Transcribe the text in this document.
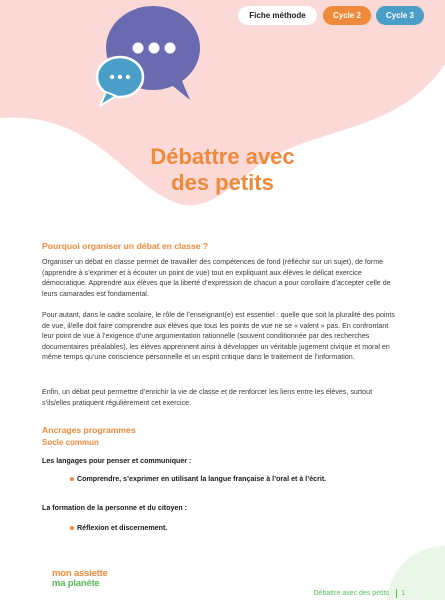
Fiche méthode	Cycle 2	Cycle 3
Débattre avec
des petits
Pourquoi organiser un débat en classe ?

Organiser un débat en classe permet de travailler des compétences de fond (réfléchir sur un sujet), de forme (apprendre à s’exprimer et à écouter un point de vue) tout en expliquant aux élèves le délicat exercice démocratique. Apprendre aux élèves que la liberté d’expression de chacun a pour corollaire d’accepter celle de leurs camarades est fondamental.

Pour autant, dans le cadre scolaire, le rôle de l’enseignant(e) est essentiel : quelle que soit la pluralité des points de vue, il/elle doit faire comprendre aux élèves que tous les points de vue ne se « valent » pas. En confrontant leur point de vue à l’exigence d’une argumentation rationnelle (souvent conditionnée par des recherches documentaires préalables), les élèves apprennent ainsi à développer un véritable jugement civique et moral en même temps qu’une conscience personnelle et un esprit critique dans le traitement de l’information.

Enfin, un débat peut permettre d’enrichir la vie de classe et de renforcer les liens entre les élèves, surtout s’ils/elles pratiquent régulièrement cet exercice.

Ancrages programmes
Socle commun
Les langages pour penser et communiquer :
Comprendre, s’exprimer en utilisant la langue française à l’oral et à l’écrit.
La formation de la personne et du citoyen :
Réflexion et discernement.
mon assiette
ma planète
Débattre avec des petits 1
